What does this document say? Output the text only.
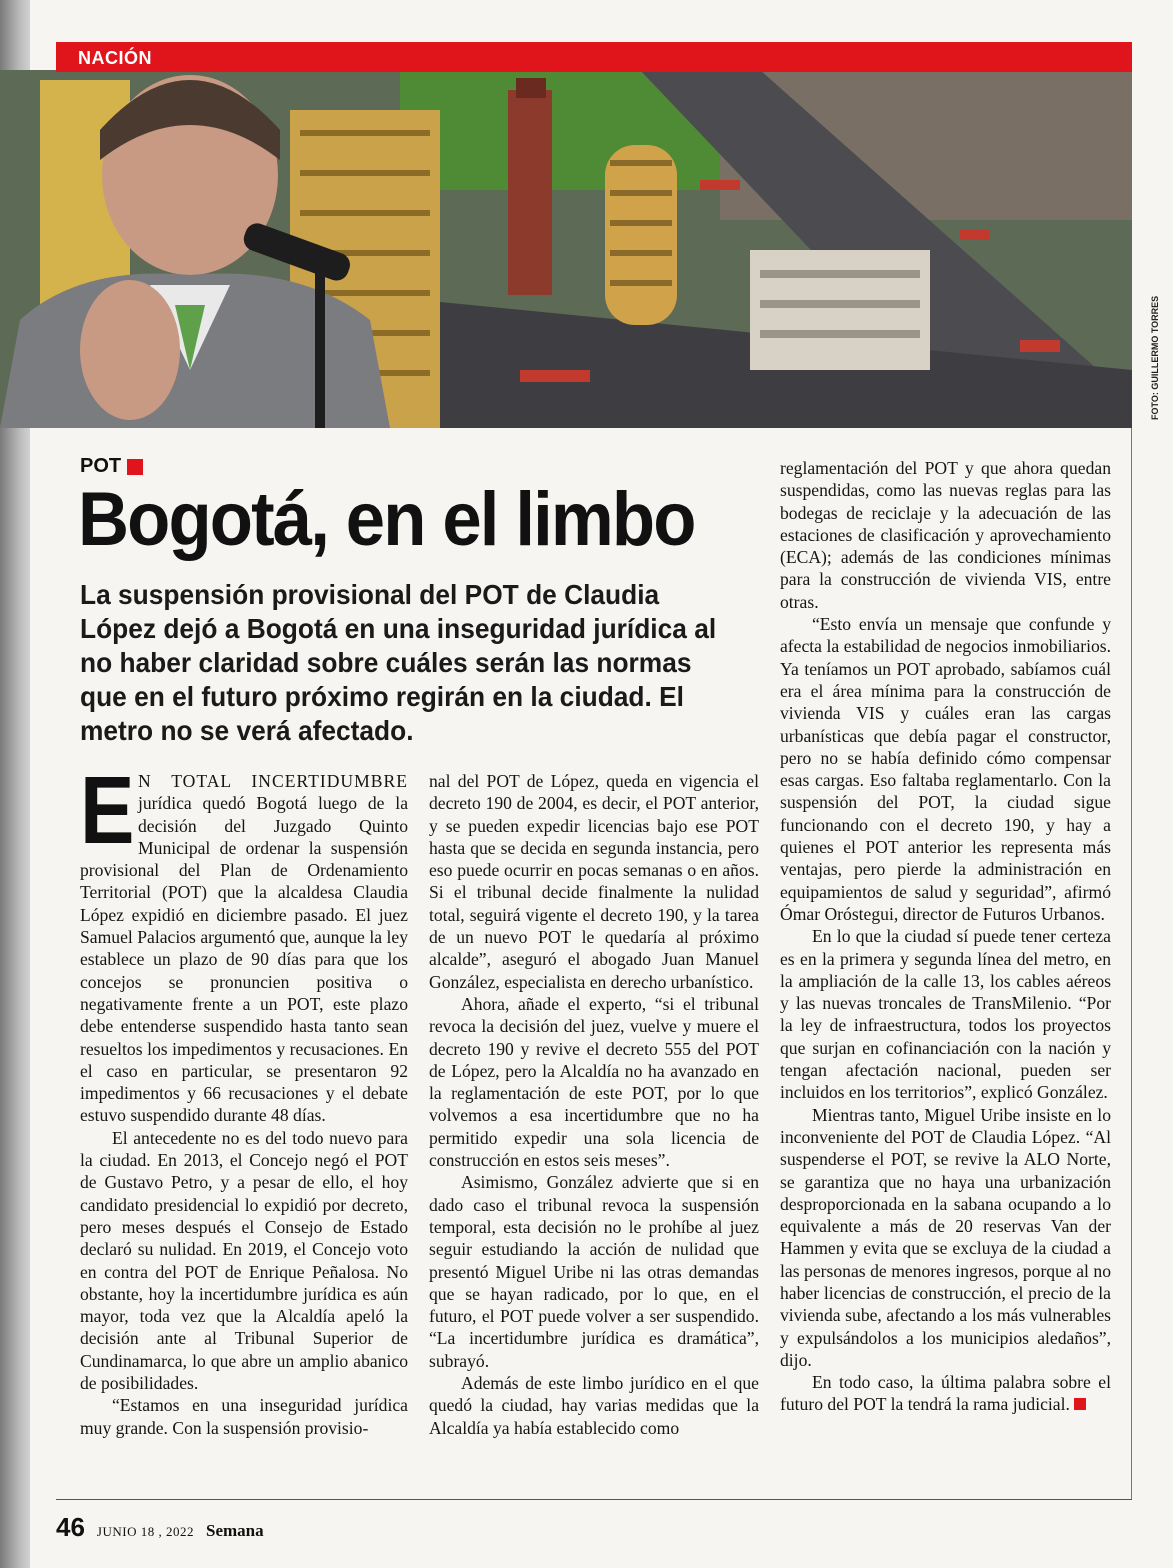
NACIÓN
POT
Bogotá, en el limbo
La suspensión provisional del POT de Claudia López dejó a Bogotá en una inseguridad jurídica al no haber claridad sobre cuáles serán las normas que en el futuro próximo regirán en la ciudad. El metro no se verá afectado.

E N TOTAL INCERTIDUMBRE jurídica quedó Bogotá luego de la decisión del Juzgado Quinto Municipal de ordenar la suspensión provisional del Plan de Ordenamiento Territorial (POT) que la alcaldesa Claudia López expidió en diciembre pasado. El juez Samuel Palacios argumentó que, aunque la ley establece un plazo de 90 días para que los concejos se pronuncien positiva o negativamente frente a un POT, este plazo debe entenderse suspendido hasta tanto sean resueltos los impedimentos y recusaciones. En el caso en particular, se presentaron 92 impedimentos y 66 recusaciones y el debate estuvo suspendido durante 48 días.

El antecedente no es del todo nuevo para la ciudad. En 2013, el Concejo negó el POT de Gustavo Petro, y a pesar de ello, el hoy candidato presidencial lo expidió por decreto, pero meses después el Consejo de Estado declaró su nulidad. En 2019, el Concejo voto en contra del POT de Enrique Peñalosa. No obstante, hoy la incertidumbre jurídica es aún mayor, toda vez que la Alcaldía apeló la decisión ante al Tribunal Superior de Cundinamarca, lo que abre un amplio abanico de posibilidades.

“Estamos en una inseguridad jurídica muy grande. Con la suspensión provisio-

nal del POT de López, queda en vigencia el decreto 190 de 2004, es decir, el POT anterior, y se pueden expedir licencias bajo ese POT hasta que se decida en segunda instancia, pero eso puede ocurrir en pocas semanas o en años. Si el tribunal decide finalmente la nulidad total, seguirá vigente el decreto 190, y la tarea de un nuevo POT le quedaría al próximo alcalde”, aseguró el abogado Juan Manuel González, especialista en derecho urbanístico.

Ahora, añade el experto, “si el tribunal revoca la decisión del juez, vuelve y muere el decreto 190 y revive el decreto 555 del POT de López, pero la Alcaldía no ha avanzado en la reglamentación de este POT, por lo que volvemos a esa incertidumbre que no ha permitido expedir una sola licencia de construcción en estos seis meses”.

Asimismo, González advierte que si en dado caso el tribunal revoca la suspensión temporal, esta decisión no le prohíbe al juez seguir estudiando la acción de nulidad que presentó Miguel Uribe ni las otras demandas que se hayan radicado, por lo que, en el futuro, el POT puede volver a ser suspendido. “La incertidumbre jurídica es dramática”, subrayó.

Además de este limbo jurídico en el que quedó la ciudad, hay varias medidas que la Alcaldía ya había establecido como

reglamentación del POT y que ahora quedan suspendidas, como las nuevas reglas para las bodegas de reciclaje y la adecuación de las estaciones de clasificación y aprovechamiento (ECA); además de las condiciones mínimas para la construcción de vivienda VIS, entre otras.

“Esto envía un mensaje que confunde y afecta la estabilidad de negocios inmobiliarios. Ya teníamos un POT aprobado, sabíamos cuál era el área mínima para la construcción de vivienda VIS y cuáles eran las cargas urbanísticas que debía pagar el constructor, pero no se había definido cómo compensar esas cargas. Eso faltaba reglamentarlo. Con la suspensión del POT, la ciudad sigue funcionando con el decreto 190, y hay a quienes el POT anterior les representa más ventajas, pero pierde la administración en equipamientos de salud y seguridad”, afirmó Ómar Oróstegui, director de Futuros Urbanos.

En lo que la ciudad sí puede tener certeza es en la primera y segunda línea del metro, en la ampliación de la calle 13, los cables aéreos y las nuevas troncales de TransMilenio. “Por la ley de infraestructura, todos los proyectos que surjan en cofinanciación con la nación y tengan afectación nacional, pueden ser incluidos en los territorios”, explicó González.

Mientras tanto, Miguel Uribe insiste en lo inconveniente del POT de Claudia López. “Al suspenderse el POT, se revive la ALO Norte, se garantiza que no haya una urbanización desproporcionada en la sabana ocupando a lo equivalente a más de 20 reservas Van der Hammen y evita que se excluya de la ciudad a las personas de menores ingresos, porque al no haber licencias de construcción, el precio de la vivienda sube, afectando a los más vulnerables y expulsándolos a los municipios aledaños”, dijo.

En todo caso, la última palabra sobre el futuro del POT la tendrá la rama judicial.

46 JUNIO 18 , 2022 Semana
